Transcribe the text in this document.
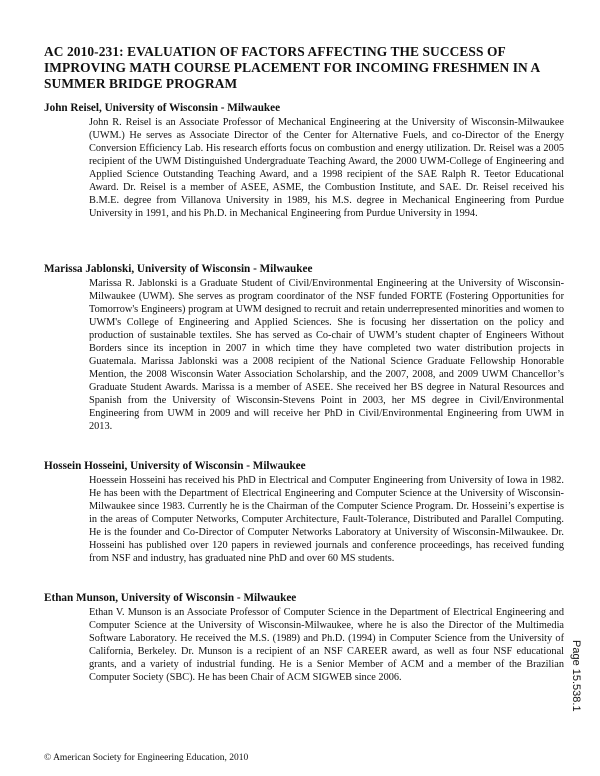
AC 2010-231: EVALUATION OF FACTORS AFFECTING THE SUCCESS OF IMPROVING MATH COURSE PLACEMENT FOR INCOMING FRESHMEN IN A SUMMER BRIDGE PROGRAM

John Reisel, University of Wisconsin - Milwaukee

John R. Reisel is an Associate Professor of Mechanical Engineering at the University of Wisconsin-Milwaukee (UWM.) He serves as Associate Director of the Center for Alternative Fuels, and co-Director of the Energy Conversion Efficiency Lab. His research efforts focus on combustion and energy utilization. Dr. Reisel was a 2005 recipient of the UWM Distinguished Undergraduate Teaching Award, the 2000 UWM-College of Engineering and Applied Science Outstanding Teaching Award, and a 1998 recipient of the SAE Ralph R. Teetor Educational Award. Dr. Reisel is a member of ASEE, ASME, the Combustion Institute, and SAE. Dr. Reisel received his B.M.E. degree from Villanova University in 1989, his M.S. degree in Mechanical Engineering from Purdue University in 1991, and his Ph.D. in Mechanical Engineering from Purdue University in 1994.

Marissa Jablonski, University of Wisconsin - Milwaukee

Marissa R. Jablonski is a Graduate Student of Civil/Environmental Engineering at the University of Wisconsin-Milwaukee (UWM). She serves as program coordinator of the NSF funded FORTE (Fostering Opportunities for Tomorrow's Engineers) program at UWM designed to recruit and retain underrepresented minorities and women to UWM's College of Engineering and Applied Sciences. She is focusing her dissertation on the policy and production of sustainable textiles. She has served as Co-chair of UWM’s student chapter of Engineers Without Borders since its inception in 2007 in which time they have completed two water distribution projects in Guatemala. Marissa Jablonski was a 2008 recipient of the National Science Graduate Fellowship Honorable Mention, the 2008 Wisconsin Water Association Scholarship, and the 2007, 2008, and 2009 UWM Chancellor’s Graduate Student Awards. Marissa is a member of ASEE. She received her BS degree in Natural Resources and Spanish from the University of Wisconsin-Stevens Point in 2003, her MS degree in Civil/Environmental Engineering from UWM in 2009 and will receive her PhD in Civil/Environmental Engineering from UWM in 2013.

Hossein Hosseini, University of Wisconsin - Milwaukee

Hoessein Hosseini has received his PhD in Electrical and Computer Engineering from University of Iowa in 1982. He has been with the Department of Electrical Engineering and Computer Science at the University of Wisconsin-Milwaukee since 1983. Currently he is the Chairman of the Computer Science Program. Dr. Hosseini’s expertise is in the areas of Computer Networks, Computer Architecture, Fault-Tolerance, Distributed and Parallel Computing. He is the founder and Co-Director of Computer Networks Laboratory at University of Wisconsin-Milwaukee. Dr. Hosseini has published over 120 papers in reviewed journals and conference proceedings, has received funding from NSF and industry, has graduated nine PhD and over 60 MS students.

Ethan Munson, University of Wisconsin - Milwaukee

Ethan V. Munson is an Associate Professor of Computer Science in the Department of Electrical Engineering and Computer Science at the University of Wisconsin-Milwaukee, where he is also the Director of the Multimedia Software Laboratory. He received the M.S. (1989) and Ph.D. (1994) in Computer Science from the University of California, Berkeley. Dr. Munson is a recipient of an NSF CAREER award, as well as four NSF educational grants, and a variety of industrial funding. He is a Senior Member of ACM and a member of the Brazilian Computer Society (SBC). He has been Chair of ACM SIGWEB since 2006.

© American Society for Engineering Education, 2010
Page 15.538.1
